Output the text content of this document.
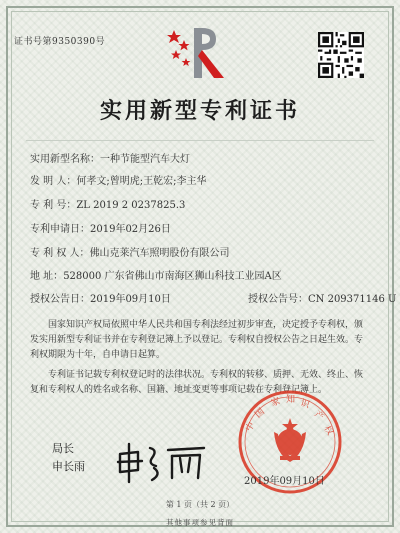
证书号第9350390号
实用新型专利证书
实用新型名称：一种节能型汽车大灯
发 明 人：何孝文;曾明虎;王乾宏;李主华
专 利 号：ZL 2019 2 0237825.3
专利申请日：2019年02月26日
专 利 权 人：佛山克莱汽车照明股份有限公司
地 址：528000 广东省佛山市南海区狮山科技工业园A区
授权公告日：2019年09月10日	授权公告号：CN 209371146 U
国家知识产权局依照中华人民共和国专利法经过初步审查，决定授予专利权，颁发实用新型专利证书并在专利登记簿上予以登记。专利权自授权公告之日起生效。专利权期限为十年，自申请日起算。
专利证书记载专利权登记时的法律状况。专利权的转移、质押、无效、终止、恢复和专利权人的姓名或名称、国籍、地址变更等事项记载在专利登记簿上。
局长
申长雨
国
家 知 识
产
权
中
2019年09月10日
第 1 页（共 2 页）
其他事项参见背面
